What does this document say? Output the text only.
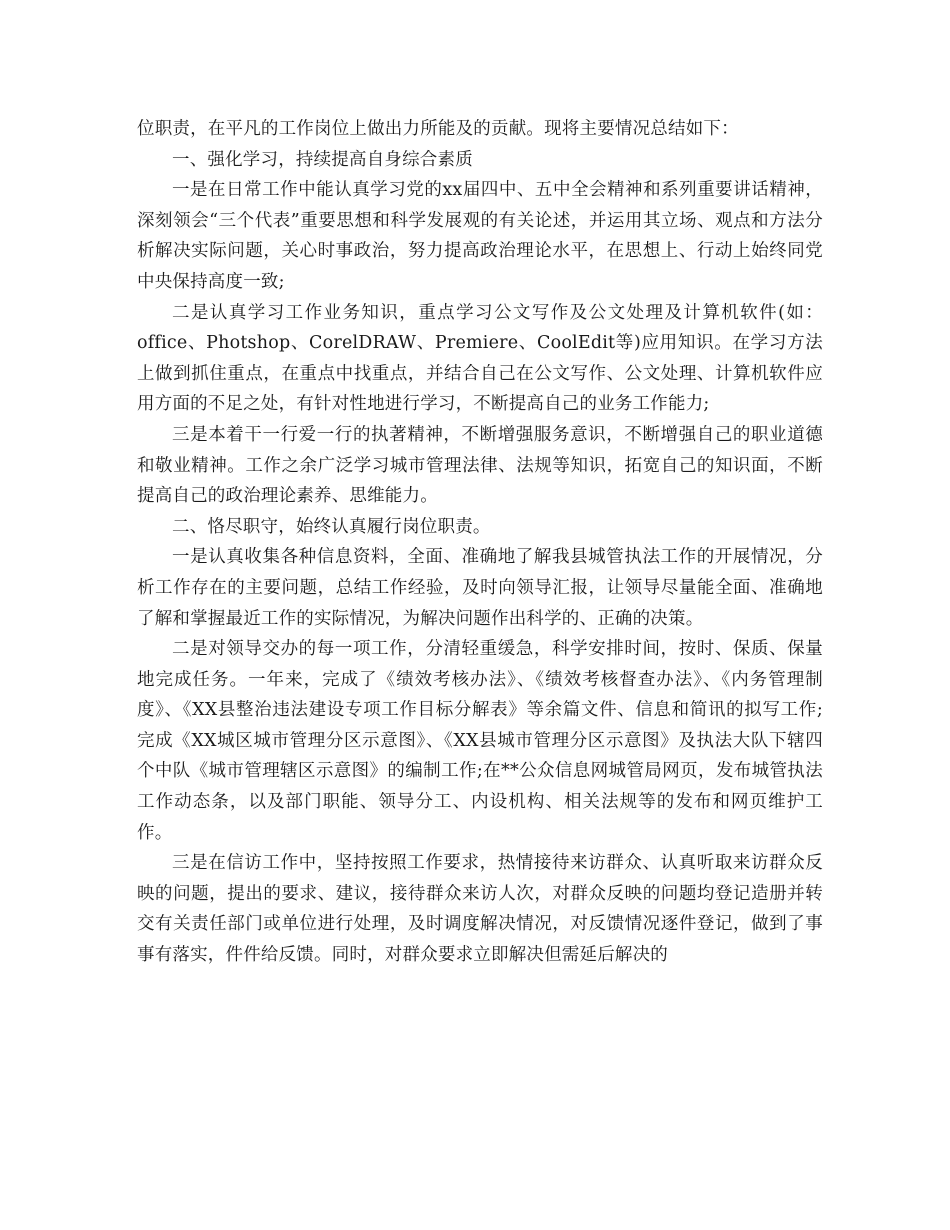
位职责，在平凡的工作岗位上做出力所能及的贡献。现将主要情况总结如下：

一、强化学习，持续提高自身综合素质

一是在日常工作中能认真学习党的xx届四中、五中全会精神和系列重要讲话精神，深刻领会“三个代表”重要思想和科学发展观的有关论述，并运用其立场、观点和方法分析解决实际问题，关心时事政治，努力提高政治理论水平，在思想上、行动上始终同党中央保持高度一致;

二是认真学习工作业务知识，重点学习公文写作及公文处理及计算机软件(如：office、Photshop、CorelDRAW、Premiere、CoolEdit等)应用知识。在学习方法上做到抓住重点，在重点中找重点，并结合自己在公文写作、公文处理、计算机软件应用方面的不足之处，有针对性地进行学习，不断提高自己的业务工作能力;

三是本着干一行爱一行的执著精神，不断增强服务意识，不断增强自己的职业道德和敬业精神。工作之余广泛学习城市管理法律、法规等知识，拓宽自己的知识面，不断提高自己的政治理论素养、思维能力。

二、恪尽职守，始终认真履行岗位职责。

一是认真收集各种信息资料，全面、准确地了解我县城管执法工作的开展情况，分析工作存在的主要问题，总结工作经验，及时向领导汇报，让领导尽量能全面、准确地了解和掌握最近工作的实际情况，为解决问题作出科学的、正确的决策。

二是对领导交办的每一项工作，分清轻重缓急，科学安排时间，按时、保质、保量地完成任务。一年来，完成了《绩效考核办法》、《绩效考核督查办法》、《内务管理制度》、《XX县整治违法建设专项工作目标分解表》等余篇文件、信息和简讯的拟写工作;完成《XX城区城市管理分区示意图》、《XX县城市管理分区示意图》及执法大队下辖四个中队《城市管理辖区示意图》的编制工作;在**公众信息网城管局网页，发布城管执法工作动态条，以及部门职能、领导分工、内设机构、相关法规等的发布和网页维护工作。

三是在信访工作中，坚持按照工作要求，热情接待来访群众、认真听取来访群众反映的问题，提出的要求、建议，接待群众来访人次，对群众反映的问题均登记造册并转交有关责任部门或单位进行处理，及时调度解决情况，对反馈情况逐件登记，做到了事事有落实，件件给反馈。同时，对群众要求立即解决但需延后解决的
